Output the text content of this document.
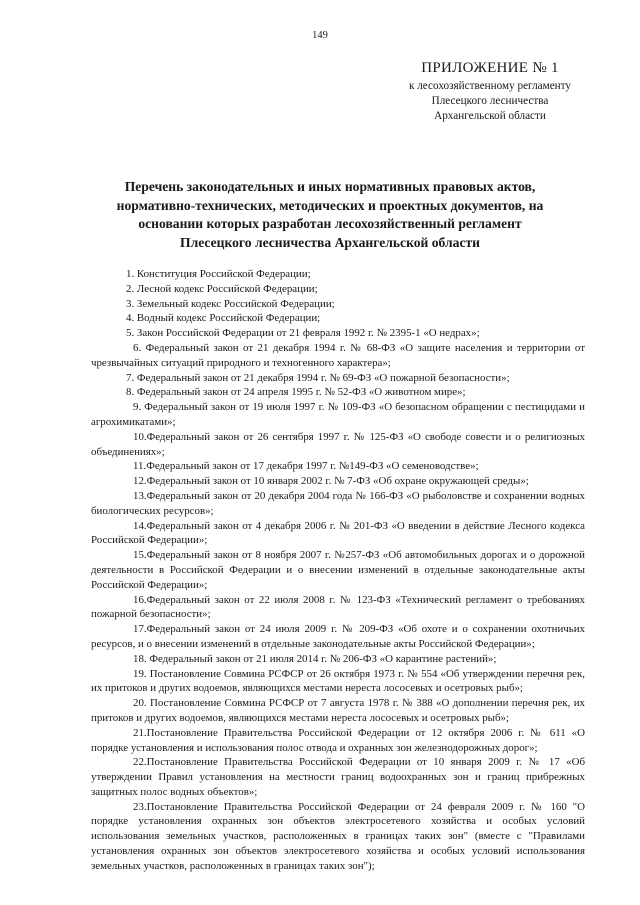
149
ПРИЛОЖЕНИЕ № 1
к лесохозяйственному регламенту
Плесецкого лесничества
Архангельской области
Перечень законодательных и иных нормативных правовых актов,
нормативно-технических, методических и проектных документов, на
основании которых разработан лесохозяйственный регламент
Плесецкого лесничества Архангельской области

1. Конституция Российской Федерации;

2. Лесной кодекс Российской Федерации;

3. Земельный кодекс Российской Федерации;

4. Водный кодекс Российской Федерации;

5. Закон Российской Федерации от 21 февраля 1992 г. № 2395-1 «О недрах»;

6. Федеральный закон от 21 декабря 1994 г. № 68-ФЗ «О защите населения и территории от чрезвычайных ситуаций природного и техногенного характера»;

7. Федеральный закон от 21 декабря 1994 г. № 69-ФЗ «О пожарной безопасности»;

8. Федеральный закон от 24 апреля 1995 г. № 52-ФЗ «О животном мире»;

9. Федеральный закон от 19 июля 1997 г. № 109-ФЗ «О безопасном обращении с пестицидами и агрохимикатами»;

10.Федеральный закон от 26 сентября 1997 г. № 125-ФЗ «О свободе совести и о религиозных объединениях»;

11.Федеральный закон от 17 декабря 1997 г. №149-ФЗ «О семеноводстве»;

12.Федеральный закон от 10 января 2002 г. № 7-ФЗ «Об охране окружающей среды»;

13.Федеральный закон от 20 декабря 2004 года № 166-ФЗ «О рыболовстве и сохранении водных биологических ресурсов»;

14.Федеральный закон от 4 декабря 2006 г. № 201-ФЗ «О введении в действие Лесного кодекса Российской Федерации»;

15.Федеральный закон от 8 ноября 2007 г. №257-ФЗ «Об автомобильных дорогах и о дорожной деятельности в Российской Федерации и о внесении изменений в отдельные законодательные акты Российской Федерации»;

16.Федеральный закон от 22 июля 2008 г. № 123-ФЗ «Технический регламент о требованиях пожарной безопасности»;

17.Федеральный закон от 24 июля 2009 г. № 209-ФЗ «Об охоте и о сохранении охотничьих ресурсов, и о внесении изменений в отдельные законодательные акты Российской Федерации»;

18. Федеральный закон от 21 июля 2014 г. № 206-ФЗ «О карантине растений»;

19. Постановление Совмина РСФСР от 26 октября 1973 г. № 554 «Об утверждении перечня рек, их притоков и других водоемов, являющихся местами нереста лососевых и осетровых рыб»;

20. Постановление Совмина РСФСР от 7 августа 1978 г. № 388 «О дополнении перечня рек, их притоков и других водоемов, являющихся местами нереста лососевых и осетровых рыб»;

21.Постановление Правительства Российской Федерации от 12 октября 2006 г. № 611 «О порядке установления и использования полос отвода и охранных зон железнодорожных дорог»;

22.Постановление Правительства Российской Федерации от 10 января 2009 г. № 17 «Об утверждении Правил установления на местности границ водоохранных зон и границ прибрежных защитных полос водных объектов»;

23.Постановление Правительства Российской Федерации от 24 февраля 2009 г. № 160 "О порядке установления охранных зон объектов электросетевого хозяйства и особых условий использования земельных участков, расположенных в границах таких зон" (вместе с "Правилами установления охранных зон объектов электросетевого хозяйства и особых условий использования земельных участков, расположенных в границах таких зон");
